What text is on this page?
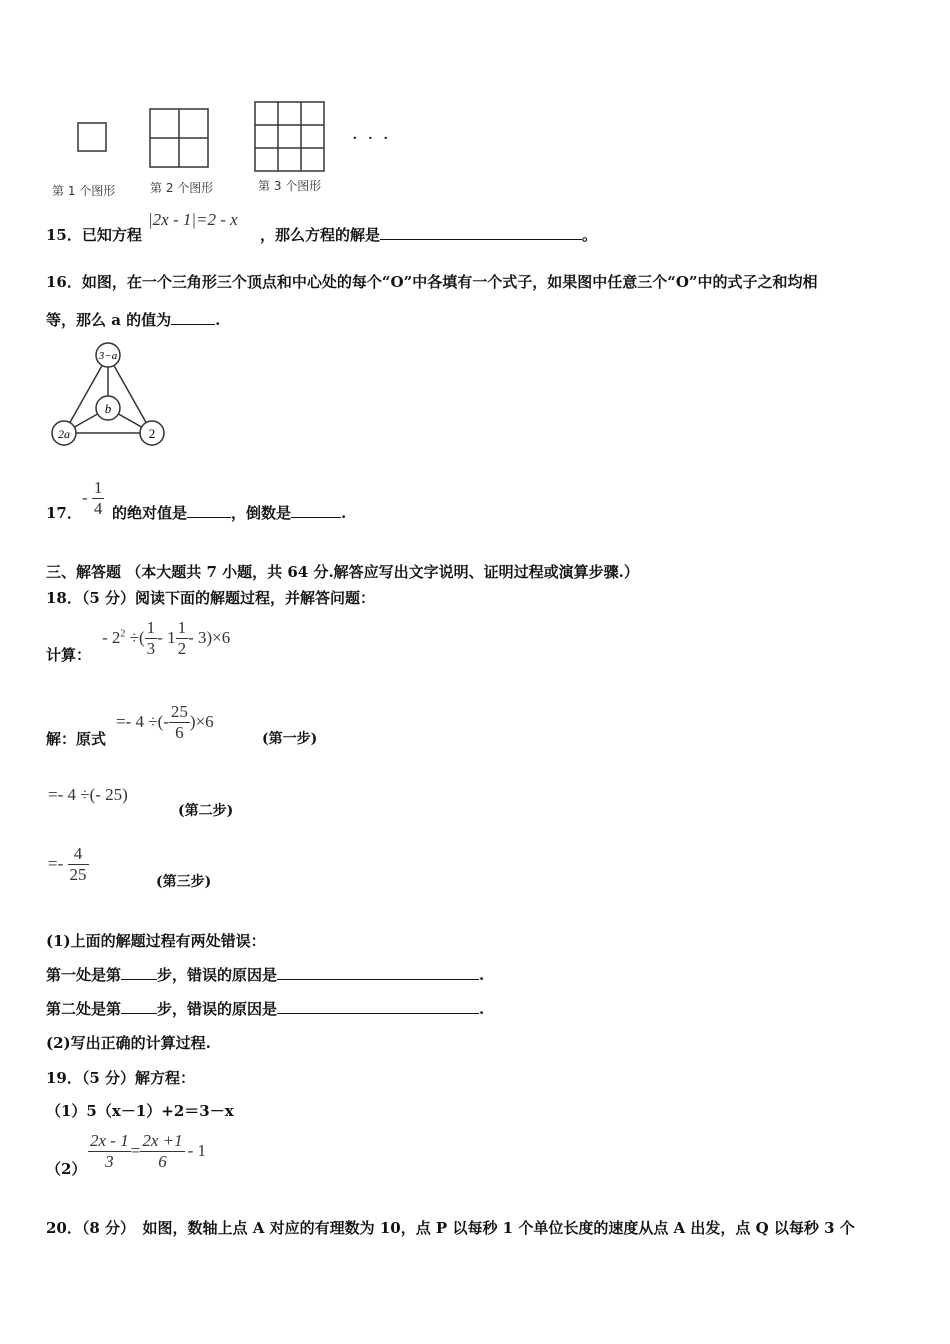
· · ·
第 1 个图形	第 2 个图形	第 3 个图形
15．已知方程
|2x - 1|=2 - x
，那么方程的解是	。
16．如图，在一个三角形三个顶点和中心处的每个“O”中各填有一个式子，如果图中任意三个“O”中的式子之和均相
等，那么 a 的值为	.
3−a
b
2a	2
17．
- $\frac{1}{4}$ 的绝对值是	，倒数是	.
三、解答题 （本大题共 7 小题，共 64 分.解答应写出文字说明、证明过程或演算步骤.）
18．（5 分）阅读下面的解题过程，并解答问题：
计算：
- $2^2$ ÷( $\frac{1}{3} - 1 \frac{1}{2} - 3)\times 6$
解：原式
=- 4 ÷(- $\frac{25}{6} )\times 6$
(第一步)
=- 4 ÷(- 25)
(第二步)
=- $\frac{4}{25}$	(第三步)
(1)上面的解题过程有两处错误：
第一处是第 步，错误的原因是	.
第二处是第 步，错误的原因是	.
(2)写出正确的计算过程.
19．（5 分）解方程：
（1）5（x－1）+2＝3－x
$(2) \frac{2x - 1}{3} = \frac{2x +1}{6} - 1$
20．（8 分）　如图，数轴上点 A 对应的有理数为 10，点 P 以每秒 1 个单位长度的速度从点 A 出发，点 Q 以每秒 3 个
